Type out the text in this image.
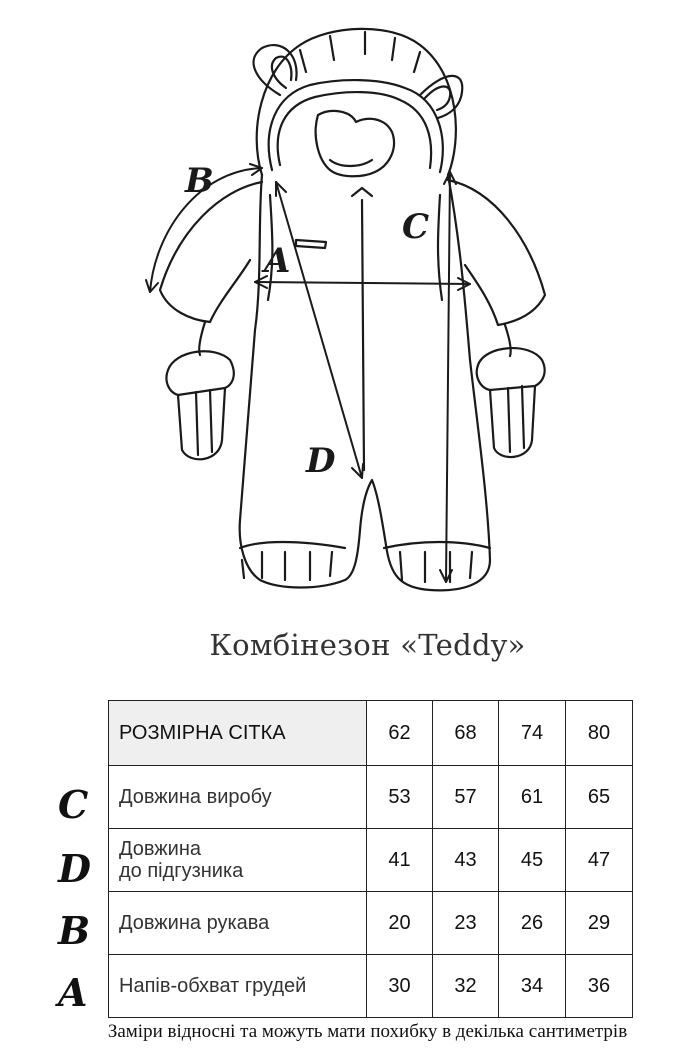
B
C
A
D
Комбінезон «Teddy»
C
D
B
A
РОЗМІРНА СІТКА	62	68	74	80
Довжина виробу	53	57	61	65

Довжина
до підгузника	41	43	45	47
Довжина рукава	20	23	26	29
Напів-обхват грудей	30	32	34	36
Заміри відносні та можуть мати похибку в декілька сантиметрів
